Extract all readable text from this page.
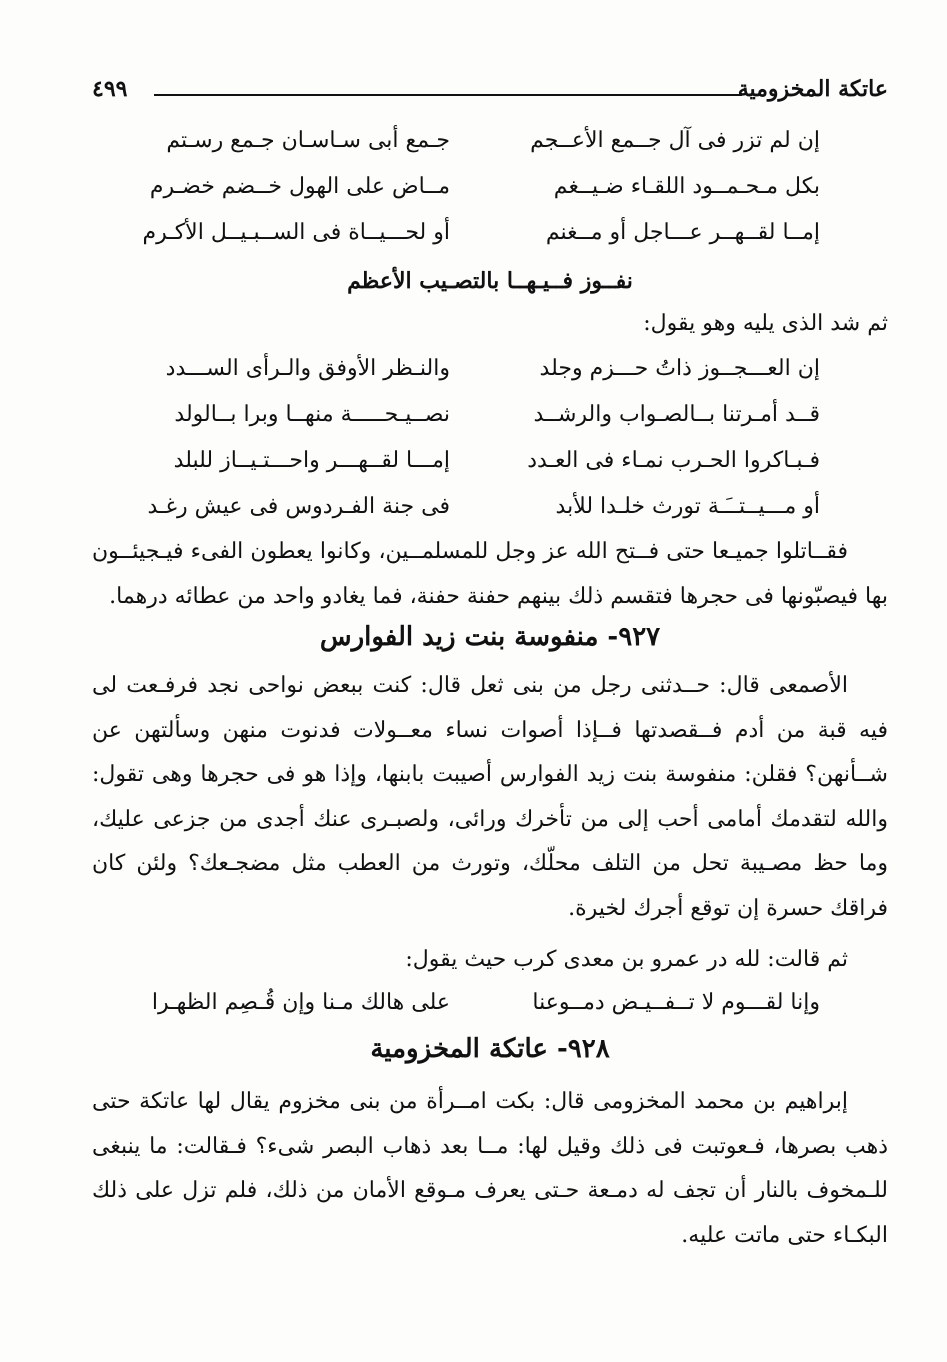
عاتكة المخزومية
٤٩٩
إن لم تزر فى آل جــمع الأعــجم
جـمع أبى سـاسـان جـمع رسـتم
بكل مـحـمــود اللقـاء ضـيــغم
مــاض على الهول خــضم خضـرم
إمــا لقــهــر عـــاجل أو مــغنم
أو لحـــيــاة فى الســبـيــل الأكـرم
نفــوز فــيـهــا بالتصـيب الأعظم
ثم شد الذى يليه وهو يقول:
إن العـــجــوز ذاتُ حـــزم وجلد
والنـظر الأوفق والـرأى الســـدد
قــد أمـرتنا بــالصـواب والرشــد
نصــيـحـــــة منهــا وبرا بــالولد
فـبـاكروا الحـرب نمـاء فى العـدد
إمـــا لقــهـــر واحـــتـيــاز للبلد
أو مـــيــتــَـة تورث خلـدا للأبد
فى جنة الفـردوس فى عيش رغـد
فقــاتلوا جميـعا حتى فــتح الله عز وجل للمسلمــين، وكانوا يعطون الفىء فيـجيئــون بها فيصبّونها فى حجرها فتقسم ذلك بينهم حفنة حفنة، فما يغادو واحد من عطائه درهما.
٩٢٧- منفوسة بنت زيد الفوارس
الأصمعى قال: حــدثنى رجل من بنى ثعل قال: كنت ببعض نواحى نجد فرفـعت لى فيه قبة من أدم فــقصدتها فــإذا أصوات نساء معــولات فدنوت منهن وسألتهن عن شــأنهن؟ فقلن: منفوسة بنت زيد الفوارس أصيبت بابنها، وإذا هو فى حجرها وهى تقول: والله لتقدمك أمامى أحب إلى من تأخرك ورائى، ولصبـرى عنك أجدى من جزعى عليك، وما حظ مصـيبة تحل من التلف محلّك، وتورث من العطب مثل مضجـعك؟ ولئن كان فراقك حسرة إن توقع أجرك لخيرة.
ثم قالت: لله در عمرو بن معدى كرب حيث يقول:
وإنا لقـــوم لا تــفــيـض دمــوعنا
على هالك مـنا وإن قُـصِم الظهـرا
٩٢٨- عاتكة المخزومية
إبراهيم بن محمد المخزومى قال: بكت امــرأة من بنى مخزوم يقال لها عاتكة حتى ذهب بصرها، فـعوتبت فى ذلك وقيل لها: مــا بعد ذهاب البصر شىء؟ فـقالت: ما ينبغى للـمخوف بالنار أن تجف له دمـعة حـتى يعرف مـوقع الأمان من ذلك، فلم تزل على ذلك البكـاء حتى ماتت عليه.
